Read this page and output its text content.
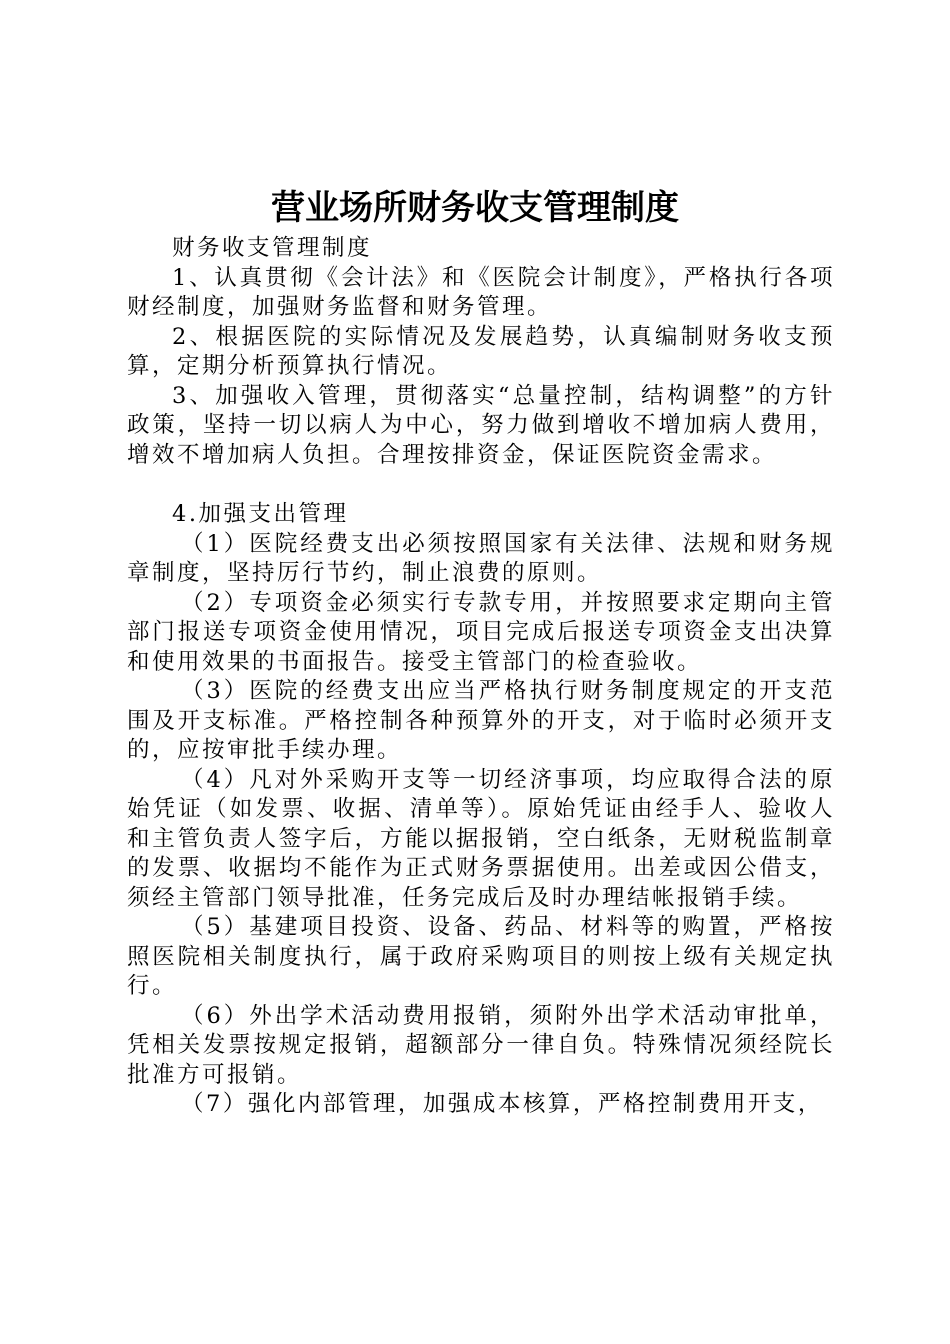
营业场所财务收支管理制度

财务收支管理制度

1、认真贯彻《会计法》和《医院会计制度》，严格执行各项财经制度，加强财务监督和财务管理。

2、根据医院的实际情况及发展趋势，认真编制财务收支预算，定期分析预算执行情况。

3、加强收入管理，贯彻落实“总量控制，结构调整”的方针政策，坚持一切以病人为中心，努力做到增收不增加病人费用，增效不增加病人负担。合理按排资金，保证医院资金需求。

4.加强支出管理

（1）医院经费支出必须按照国家有关法律、法规和财务规章制度，坚持厉行节约，制止浪费的原则。

（2）专项资金必须实行专款专用，并按照要求定期向主管部门报送专项资金使用情况，项目完成后报送专项资金支出决算和使用效果的书面报告。接受主管部门的检查验收。

（3）医院的经费支出应当严格执行财务制度规定的开支范围及开支标准。严格控制各种预算外的开支，对于临时必须开支的，应按审批手续办理。

（4）凡对外采购开支等一切经济事项，均应取得合法的原始凭证（如发票、收据、清单等）。原始凭证由经手人、验收人和主管负责人签字后，方能以据报销，空白纸条，无财税监制章的发票、收据均不能作为正式财务票据使用。出差或因公借支，须经主管部门领导批准，任务完成后及时办理结帐报销手续。

（5）基建项目投资、设备、药品、材料等的购置，严格按照医院相关制度执行，属于政府采购项目的则按上级有关规定执行。

（6）外出学术活动费用报销，须附外出学术活动审批单，凭相关发票按规定报销，超额部分一律自负。特殊情况须经院长批准方可报销。

（7）强化内部管理，加强成本核算，严格控制费用开支，
